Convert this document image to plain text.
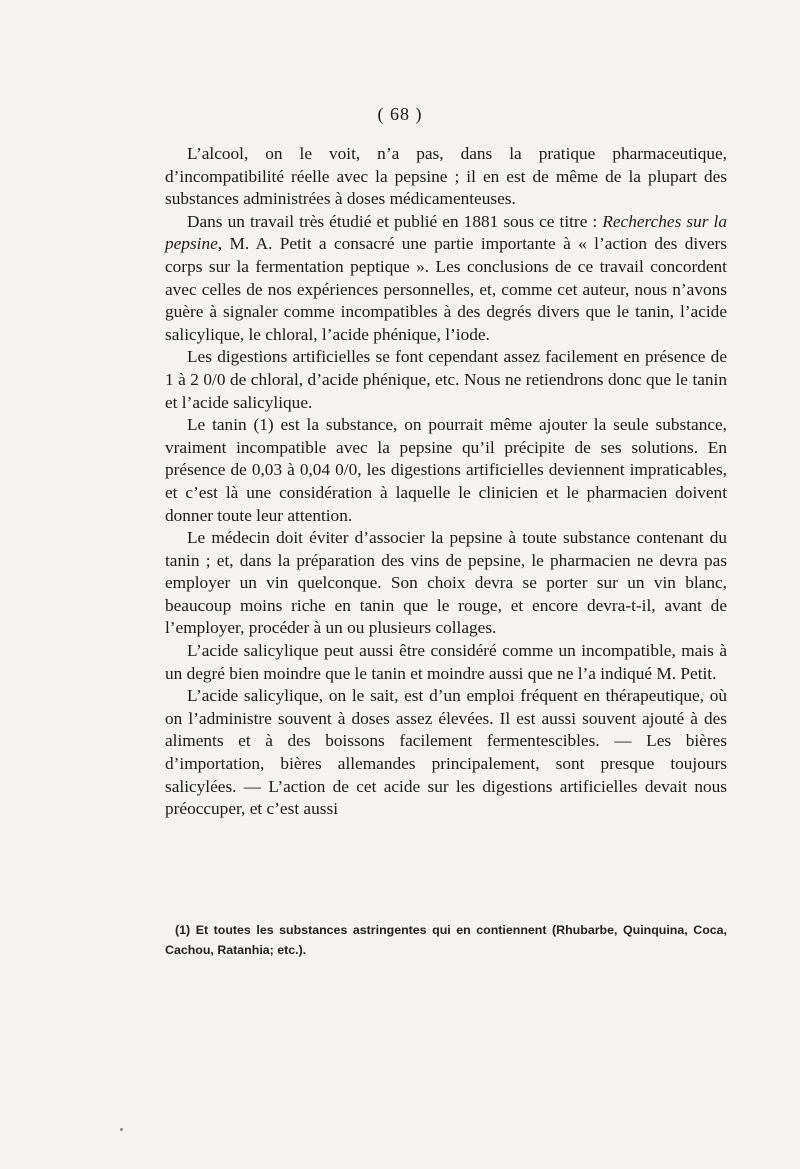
( 68 )

L’alcool, on le voit, n’a pas, dans la pratique pharmaceutique, d’incompatibilité réelle avec la pepsine ; il en est de même de la plupart des substances administrées à doses médicamenteuses.

Dans un travail très étudié et publié en 1881 sous ce titre : Recherches sur la pepsine, M. A. Petit a consacré une partie importante à « l’action des divers corps sur la fermentation peptique ». Les conclusions de ce travail concordent avec celles de nos expériences personnelles, et, comme cet auteur, nous n’avons guère à signaler comme incompatibles à des degrés divers que le tanin, l’acide salicylique, le chloral, l’acide phénique, l’iode.

Les digestions artificielles se font cependant assez facilement en présence de 1 à 2 0/0 de chloral, d’acide phénique, etc. Nous ne retiendrons donc que le tanin et l’acide salicylique.

Le tanin (1) est la substance, on pourrait même ajouter la seule substance, vraiment incompatible avec la pepsine qu’il précipite de ses solutions. En présence de 0,03 à 0,04 0/0, les digestions artificielles deviennent impraticables, et c’est là une considération à laquelle le clinicien et le pharmacien doivent donner toute leur attention.

Le médecin doit éviter d’associer la pepsine à toute substance contenant du tanin ; et, dans la préparation des vins de pepsine, le pharmacien ne devra pas employer un vin quelconque. Son choix devra se porter sur un vin blanc, beaucoup moins riche en tanin que le rouge, et encore devra-t-il, avant de l’employer, procéder à un ou plusieurs collages.

L’acide salicylique peut aussi être considéré comme un incompatible, mais à un degré bien moindre que le tanin et moindre aussi que ne l’a indiqué M. Petit.

L’acide salicylique, on le sait, est d’un emploi fréquent en thérapeutique, où on l’administre souvent à doses assez élevées. Il est aussi souvent ajouté à des aliments et à des boissons facilement fermentescibles. — Les bières d’importation, bières allemandes principalement, sont presque toujours salicylées. — L’action de cet acide sur les digestions artificielles devait nous préoccuper, et c’est aussi

(1) Et toutes les substances astringentes qui en contiennent (Rhubarbe, Quinquina, Coca, Cachou, Ratanhia; etc.).
